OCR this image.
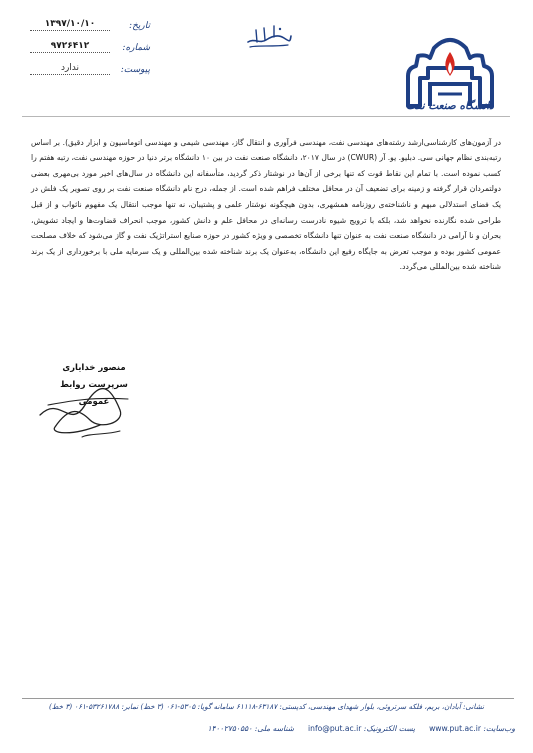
تاریخ:
۱۳۹۷/۱۰/۱۰
شماره:
۹۷۲۶۴۱۲
پیوست:
ندارد
دانشگاه صنعت نفت

در آزمون‌های کارشناسی‌ارشد رشته‌های مهندسی نفت، مهندسی فرآوری و انتقال گاز، مهندسی شیمی و مهندسی اتوماسیون و ابزار دقیق). بر اساس رتبه‌بندی نظام جهانی سی. دبلیو. یو. آر (CWUR) در سال ۲۰۱۷، دانشگاه صنعت نفت در بین ۱۰ دانشگاه برتر دنیا در حوزه مهندسی نفت، رتبه هفتم را کسب نموده است. با تمام این نقاط قوت که تنها برخی از آن‌ها در نوشتار ذکر گردید، متأسفانه این دانشگاه در سال‌های اخیر مورد بی‌مهری بعضی دولتمردان قرار گرفته و زمینه برای تضعیف آن در محافل مختلف فراهم شده است. از جمله، درج نام دانشگاه صنعت نفت بر روی تصویر یک فلش در یک فضای استدلالی مبهم و ناشناخته‌ی روزنامه همشهری، بدون هیچگونه نوشتار علمی و پشتیبان، نه تنها موجب انتقال یک مفهوم ناثواب و از قبل طراحی شده نگارنده نخواهد شد، بلکه با ترویج شیوه نادرست رسانه‌ای در محافل علم و دانش کشور، موجب انحراف قضاوت‌ها و ایجاد تشویش، بحران و نا آرامی در دانشگاه صنعت نفت به عنوان تنها دانشگاه تخصصی و ویژه کشور در حوزه صنایع استراتژیک نفت و گاز می‌شود که خلاف مصلحت عمومی کشور بوده و موجب تعرض به جایگاه رفیع این دانشگاه، به‌عنوان یک برند شناخته شده بین‌المللی و یک سرمایه ملی با برخورداری از یک برند شناخته شده بین‌المللی می‌گردد.

منصور خدایاری
سرپرست روابط عمومی
نشانی: آبادان، بریم، فلکه سرتروئی، بلوار شهدای مهندسی، کدپستی: ۶۳۱۸۷-۶۱۱۱۸ سامانه گویا: ۵۳۰۵-۰۶۱ (۳ خط) نمابر: ۵۳۲۶۱۷۸۸-۰۶۱ (۳ خط)
وب‌سایت: www.put.ac.ir
پست الکترونیک: info@put.ac.ir
شناسه ملی: ۱۴۰۰۲۷۵۰۵۵۰
